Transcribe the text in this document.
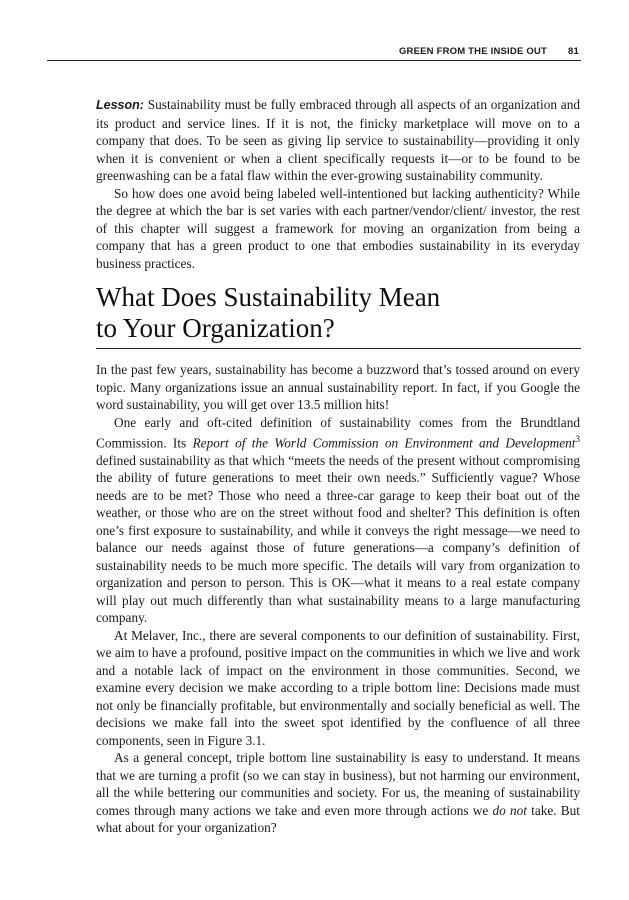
GREEN FROM THE INSIDE OUT 81

Lesson: Sustainability must be fully embraced through all aspects of an organization and its product and service lines. If it is not, the finicky marketplace will move on to a company that does. To be seen as giving lip service to sustainability—providing it only when it is convenient or when a client specifically requests it—or to be found to be greenwashing can be a fatal flaw within the ever-growing sustainability community.

So how does one avoid being labeled well-intentioned but lacking authenticity? While the degree at which the bar is set varies with each partner/vendor/client/ investor, the rest of this chapter will suggest a framework for moving an organization from being a company that has a green product to one that embodies sustainability in its everyday business practices.

What Does Sustainability Mean
to Your Organization?

In the past few years, sustainability has become a buzzword that’s tossed around on every topic. Many organizations issue an annual sustainability report. In fact, if you Google the word sustainability, you will get over 13.5 million hits!

One early and oft-cited definition of sustainability comes from the Brundtland Commission. Its Report of the World Commission on Environment and Development$^3$ defined sustainability as that which “meets the needs of the present without compromising the ability of future generations to meet their own needs.” Sufficiently vague? Whose needs are to be met? Those who need a three-car garage to keep their boat out of the weather, or those who are on the street without food and shelter? This definition is often one’s first exposure to sustainability, and while it conveys the right message—we need to balance our needs against those of future generations—a company’s definition of sustainability needs to be much more specific. The details will vary from organization to organization and person to person. This is OK—what it means to a real estate company will play out much differently than what sustainability means to a large manufacturing company.

At Melaver, Inc., there are several components to our definition of sustainability. First, we aim to have a profound, positive impact on the communities in which we live and work and a notable lack of impact on the environment in those communities. Second, we examine every decision we make according to a triple bottom line: Decisions made must not only be financially profitable, but environmentally and socially beneficial as well. The decisions we make fall into the sweet spot identified by the confluence of all three components, seen in Figure 3.1.

As a general concept, triple bottom line sustainability is easy to understand. It means that we are turning a profit (so we can stay in business), but not harming our environment, all the while bettering our communities and society. For us, the meaning of sustainability comes through many actions we take and even more through actions we do not take. But what about for your organization?
